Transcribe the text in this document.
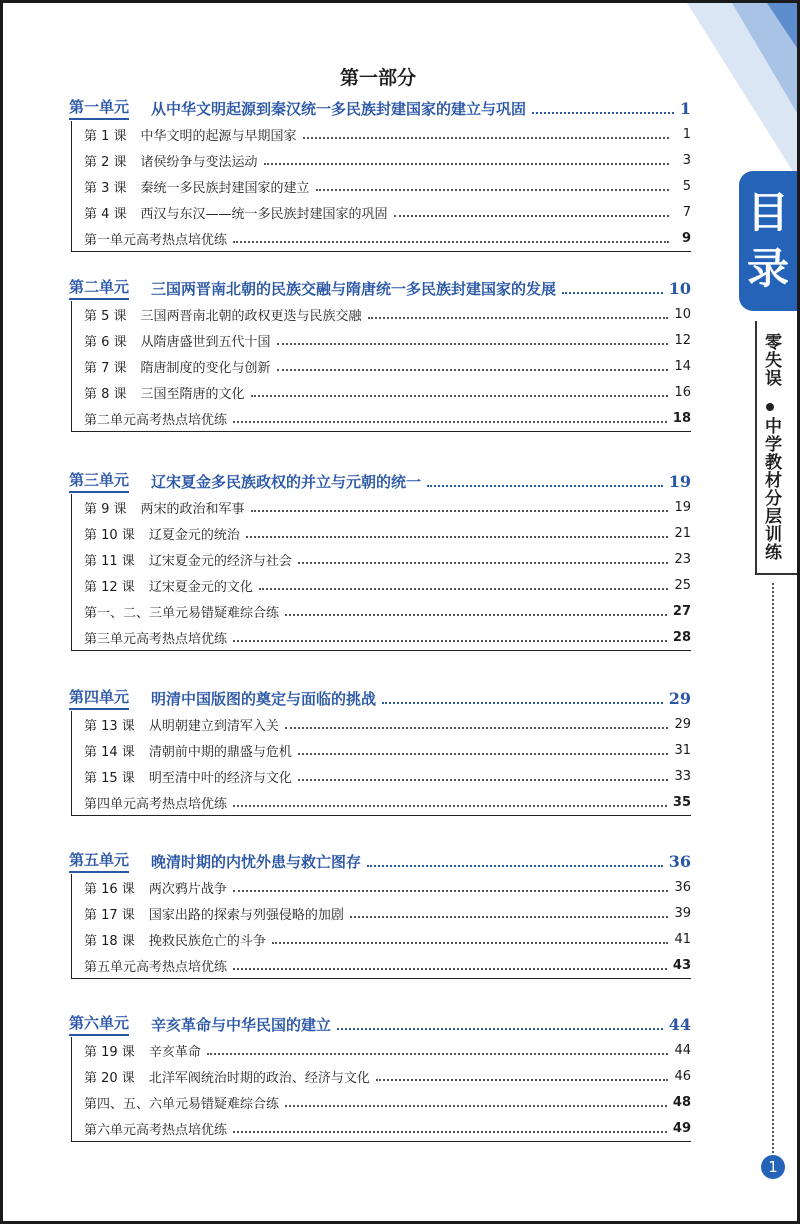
目
录
零失误
中学教材分层训练
1
第一部分
第一单元 从中华文明起源到秦汉统一多民族封建国家的建立与巩固	1
第 1 课 中华文明的起源与早期国家	1
第 2 课 诸侯纷争与变法运动	3
第 3 课 秦统一多民族封建国家的建立	5
第 4 课 西汉与东汉——统一多民族封建国家的巩固	7
第一单元高考热点培优练	9
第二单元 三国两晋南北朝的民族交融与隋唐统一多民族封建国家的发展	10
第 5 课 三国两晋南北朝的政权更迭与民族交融	10
第 6 课 从隋唐盛世到五代十国	12
第 7 课 隋唐制度的变化与创新	14
第 8 课 三国至隋唐的文化	16
第二单元高考热点培优练	18
第三单元 辽宋夏金多民族政权的并立与元朝的统一	19
第 9 课 两宋的政治和军事	19
第 10 课 辽夏金元的统治	21
第 11 课 辽宋夏金元的经济与社会	23
第 12 课 辽宋夏金元的文化	25
第一、二、三单元易错疑难综合练	27
第三单元高考热点培优练	28
第四单元 明清中国版图的奠定与面临的挑战	29
第 13 课 从明朝建立到清军入关	29
第 14 课 清朝前中期的鼎盛与危机	31
第 15 课 明至清中叶的经济与文化	33
第四单元高考热点培优练	35
第五单元 晚清时期的内忧外患与救亡图存	36
第 16 课 两次鸦片战争	36
第 17 课 国家出路的探索与列强侵略的加剧	39
第 18 课 挽救民族危亡的斗争	41
第五单元高考热点培优练	43
第六单元 辛亥革命与中华民国的建立	44
第 19 课 辛亥革命	44
第 20 课 北洋军阀统治时期的政治、经济与文化	46
第四、五、六单元易错疑难综合练	48
第六单元高考热点培优练	49
